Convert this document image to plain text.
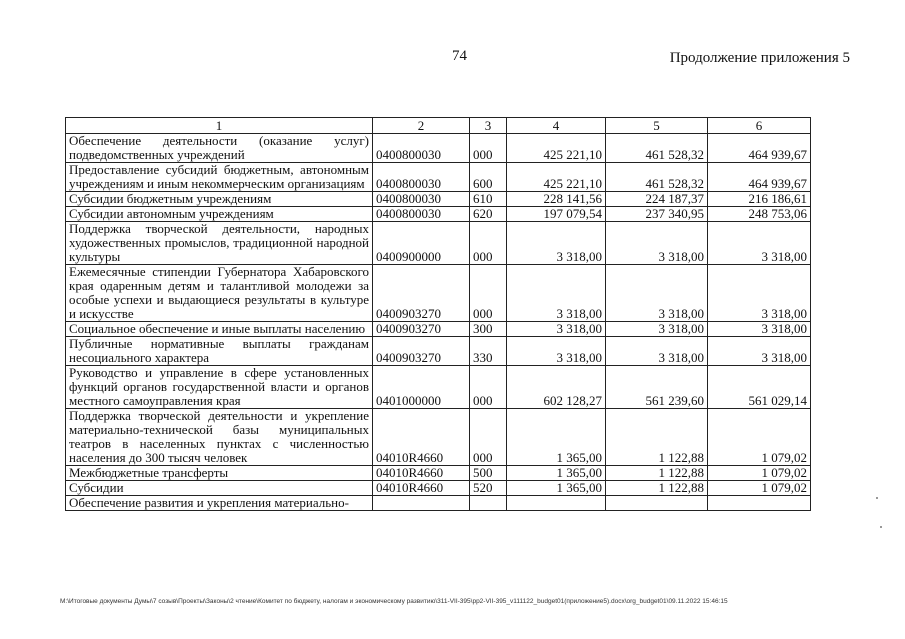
74	Продолжение приложения 5
1	2	3	4	5	6
Обеспечение деятельности (оказание услуг) подведомственных учреждений	0400800030	000	425 221,10	461 528,32	464 939,67
Предоставление субсидий бюджетным, автономным учреждениям и иным некоммерческим организациям	0400800030	600	425 221,10	461 528,32	464 939,67
Субсидии бюджетным учреждениям	0400800030	610	228 141,56	224 187,37	216 186,61
Субсидии автономным учреждениям	0400800030	620	197 079,54	237 340,95	248 753,06
Поддержка творческой деятельности, народных художественных промыслов, традиционной народной культуры	0400900000	000	3 318,00	3 318,00	3 318,00
Ежемесячные стипендии Губернатора Хабаровского края одаренным детям и талантливой молодежи за особые успехи и выдающиеся результаты в культуре и искусстве	0400903270	000	3 318,00	3 318,00	3 318,00
Социальное обеспечение и иные выплаты населению	0400903270	300	3 318,00	3 318,00	3 318,00
Публичные нормативные выплаты гражданам несоциального характера	0400903270	330	3 318,00	3 318,00	3 318,00
Руководство и управление в сфере установленных функций органов государственной власти и органов местного самоуправления края	0401000000	000	602 128,27	561 239,60	561 029,14
Поддержка творческой деятельности и укрепление материально-технической базы муниципальных театров в населенных пунктах с численностью населения до 300 тысяч человек	04010R4660	000	1 365,00	1 122,88	1 079,02
Межбюджетные трансферты	04010R4660	500	1 365,00	1 122,88	1 079,02
Субсидии	04010R4660	520	1 365,00	1 122,88	1 079,02
Обеспечение развития и укрепления материально-					
M:\Итоговые документы Думы\7 созыв\Проекты\Законы\2 чтение\Комитет по бюджету, налогам и экономическому развитию\311-VII-395\рр2-VII-395_v111122_budget01(приложение5).docx\org_budget01\09.11.2022 15:46:15
